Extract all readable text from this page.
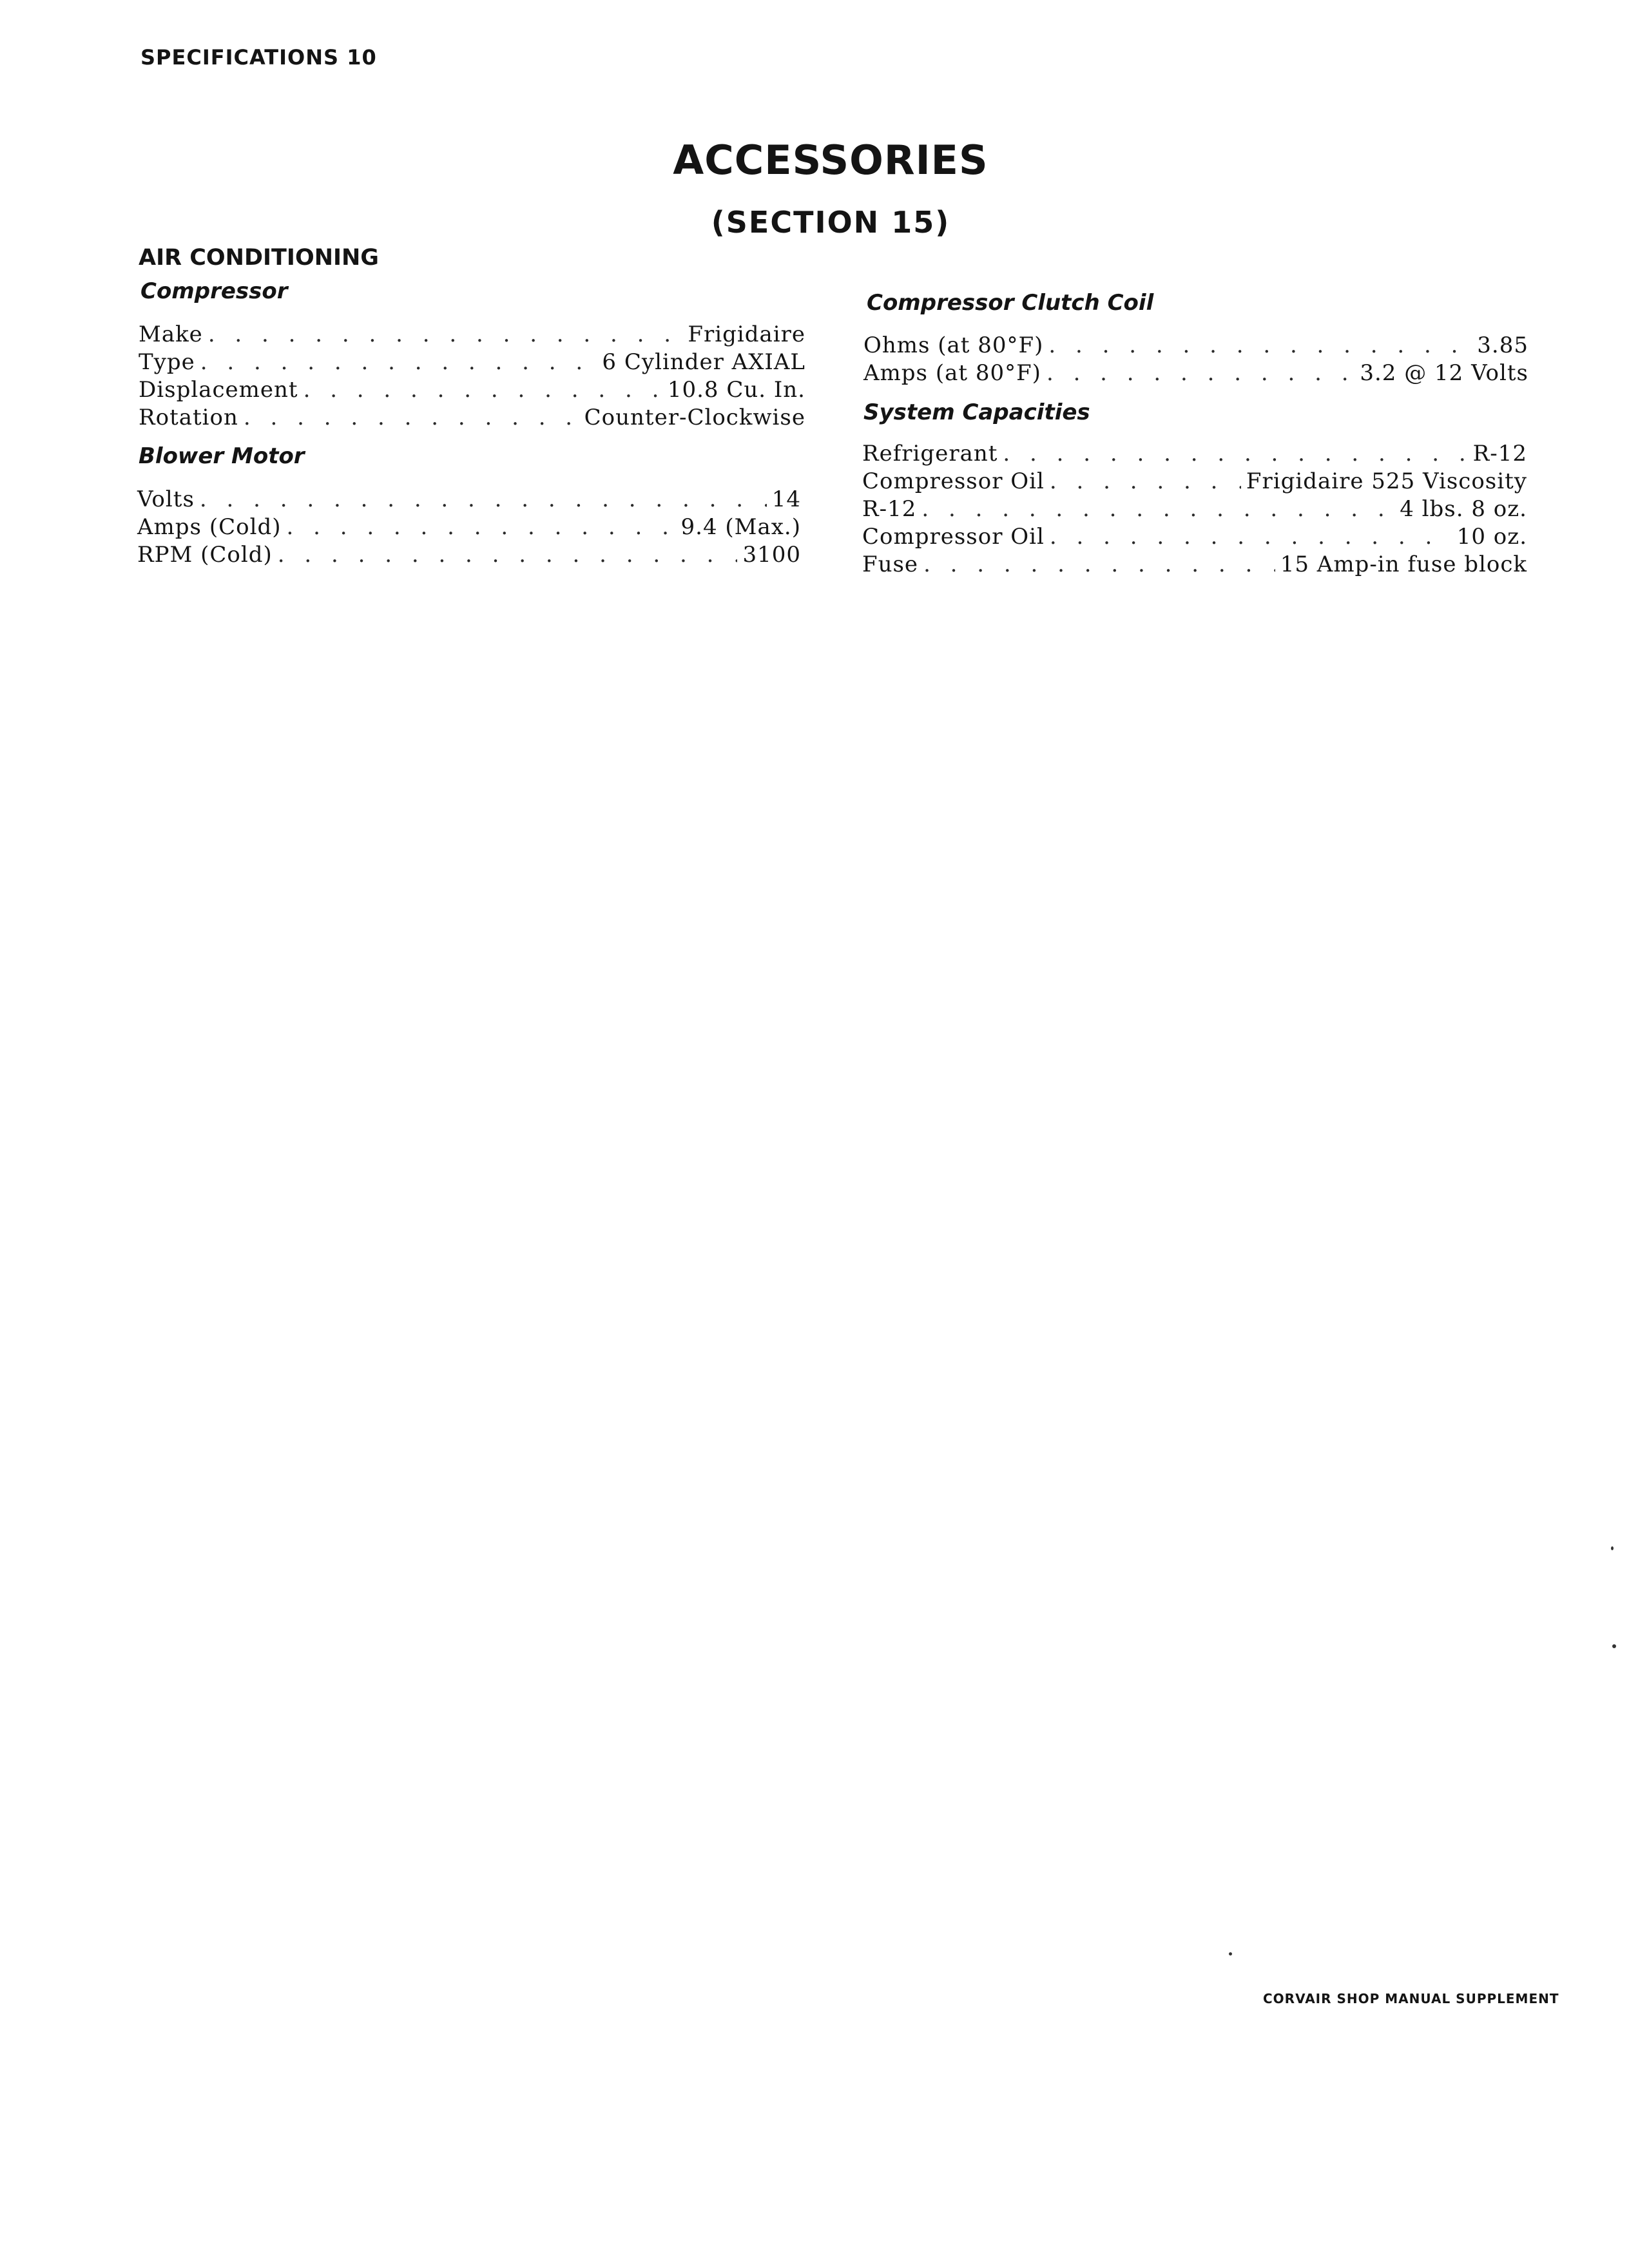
SPECIFICATIONS 10
ACCESSORIES
(SECTION 15)
AIR CONDITIONING
Compressor
Make . . .	Frigidaire
Type . . .	6 Cylinder AXIAL
Displacement . . .	10.8 Cu. In.
Rotation . . .	Counter-Clockwise
Blower Motor
Volts . . .	14
Amps (Cold) . . .	9.4 (Max.)
RPM (Cold) . . .	3100
Compressor Clutch Coil
Ohms (at 80°F) . . .	3.85
Amps (at 80°F) . . .	3.2 @ 12 Volts
System Capacities
Refrigerant . . .	R-12
Compressor Oil . . .	Frigidaire 525 Viscosity
R-12 . . .	4 lbs. 8 oz.
Compressor Oil . . .	10 oz.
Fuse . . .	15 Amp-in fuse block
CORVAIR SHOP MANUAL SUPPLEMENT
